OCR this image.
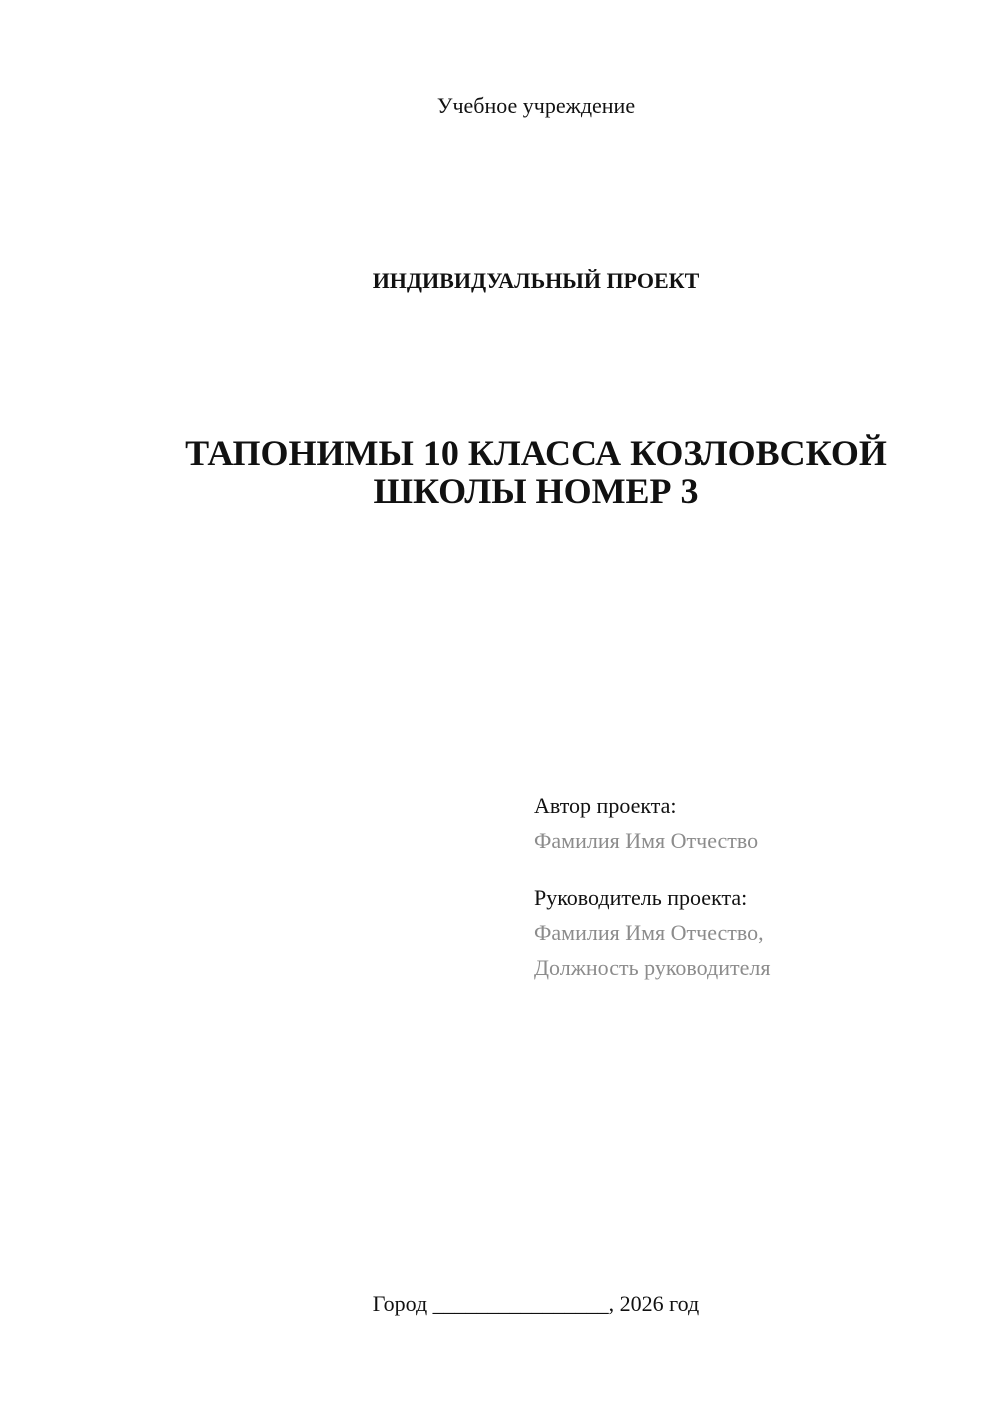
Учебное учреждение
ИНДИВИДУАЛЬНЫЙ ПРОЕКТ
ТАПОНИМЫ 10 КЛАССА КОЗЛОВСКОЙ
ШКОЛЫ НОМЕР 3
Автор проекта:
Фамилия Имя Отчество
Руководитель проекта:
Фамилия Имя Отчество,
Должность руководителя
Город ________________, 2026 год
